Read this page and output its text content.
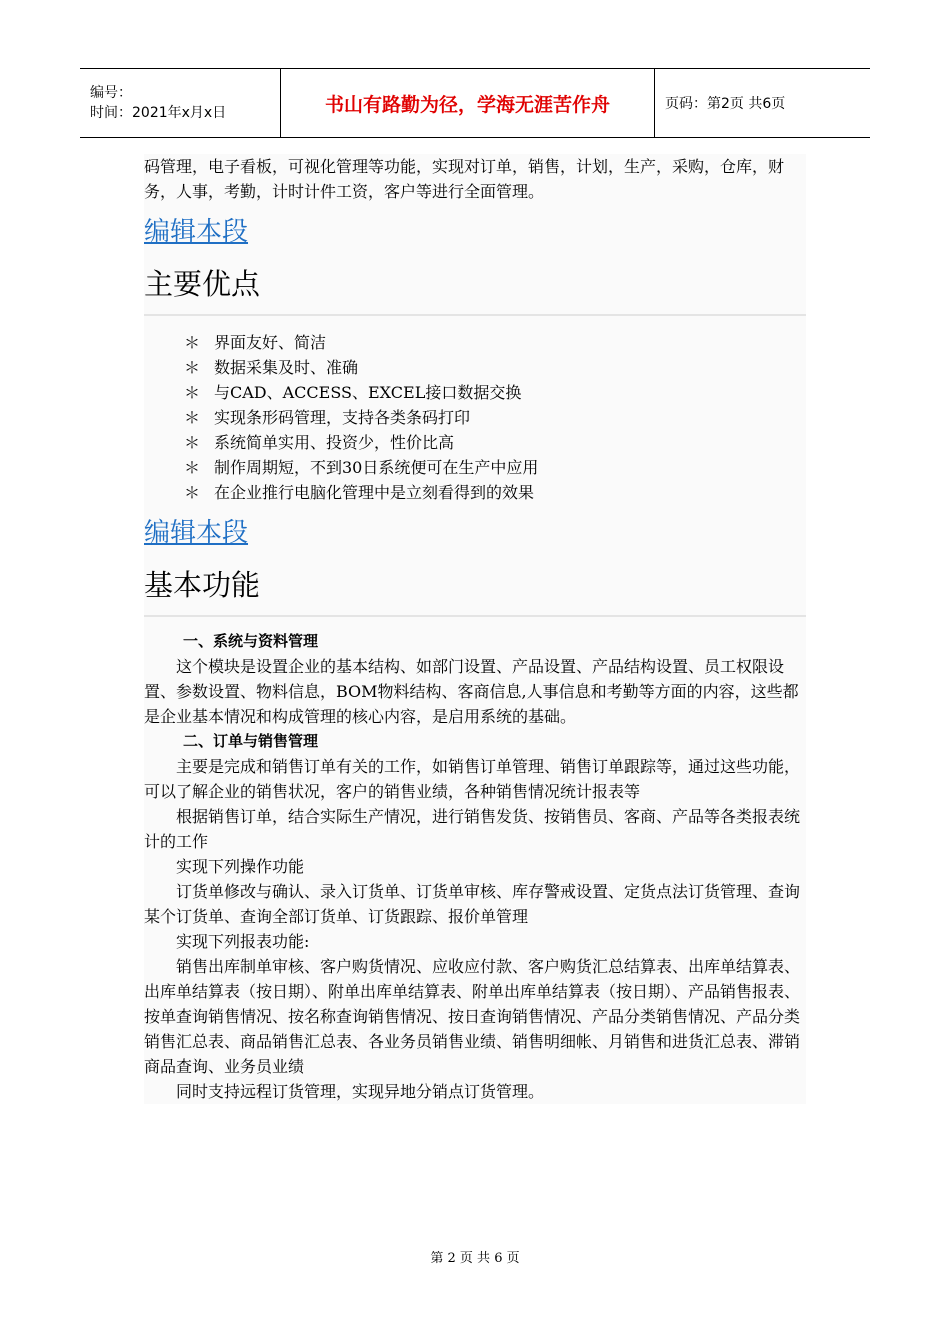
编号：
时间：2021年x月x日	书山有路勤为径，学海无涯苦作舟	页码：第2页 共6页

码管理，电子看板，可视化管理等功能，实现对订单，销售，计划，生产，采购，仓库，财务，人事，考勤，计时计件工资，客户等进行全面管理。

编辑本段
主要优点
＊ 界面友好、简洁
＊ 数据采集及时、准确
＊ 与CAD、ACCESS、EXCEL接口数据交换
＊ 实现条形码管理，支持各类条码打印
＊ 系统简单实用、投资少，性价比高
＊ 制作周期短，不到30日系统便可在生产中应用
＊ 在企业推行电脑化管理中是立刻看得到的效果
编辑本段
基本功能

一、系统与资料管理

这个模块是设置企业的基本结构、如部门设置、产品设置、产品结构设置、员工权限设置、参数设置、物料信息，BOM物料结构、客商信息,人事信息和考勤等方面的内容，这些都是企业基本情况和构成管理的核心内容，是启用系统的基础。

二、订单与销售管理

主要是完成和销售订单有关的工作，如销售订单管理、销售订单跟踪等，通过这些功能，可以了解企业的销售状况，客户的销售业绩，各种销售情况统计报表等

根据销售订单，结合实际生产情况，进行销售发货、按销售员、客商、产品等各类报表统计的工作

实现下列操作功能

订货单修改与确认、录入订货单、订货单审核、库存警戒设置、定货点法订货管理、查询某个订货单、查询全部订货单、订货跟踪、报价单管理

实现下列报表功能:

销售出库制单审核、客户购货情况、应收应付款、客户购货汇总结算表、出库单结算表、出库单结算表（按日期）、附单出库单结算表、附单出库单结算表（按日期）、产品销售报表、按单查询销售情况、按名称查询销售情况、按日查询销售情况、产品分类销售情况、产品分类销售汇总表、商品销售汇总表、各业务员销售业绩、销售明细帐、月销售和进货汇总表、滞销商品查询、业务员业绩

同时支持远程订货管理，实现异地分销点订货管理。

第 2 页 共 6 页
